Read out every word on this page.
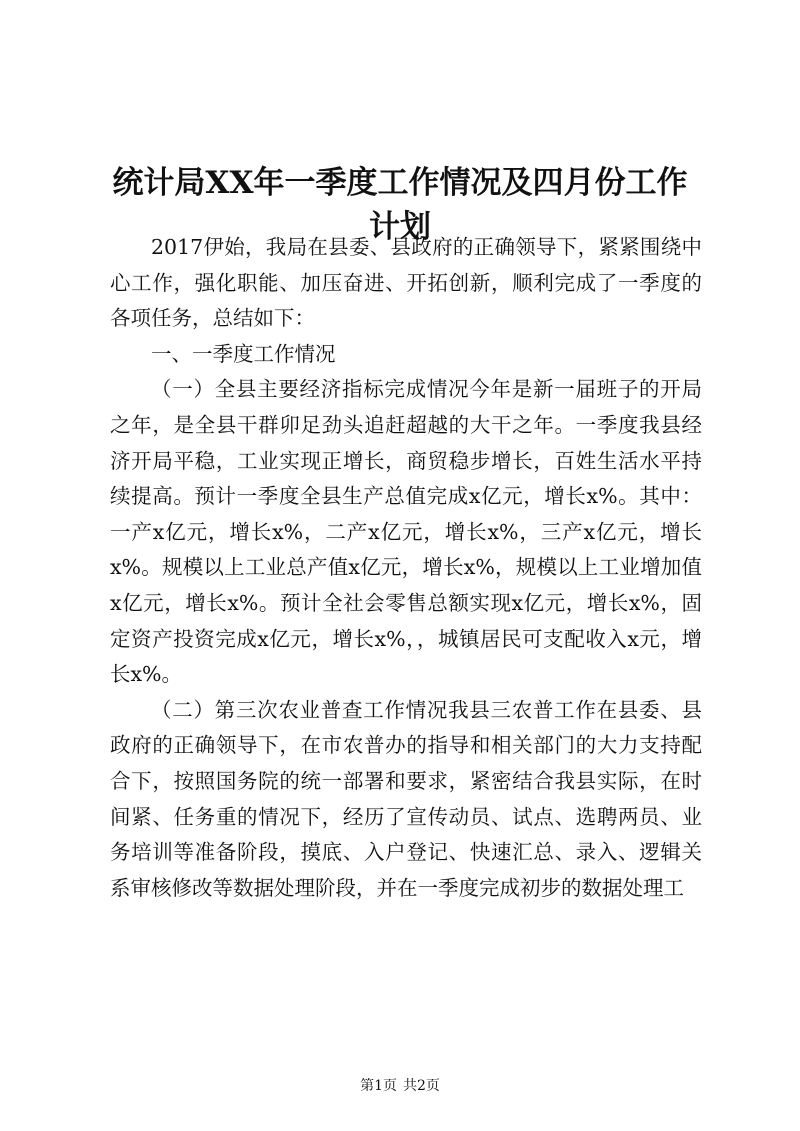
统计局XX年一季度工作情况及四月份工作计划

2017伊始，我局在县委、县政府的正确领导下，紧紧围绕中心工作，强化职能、加压奋进、开拓创新，顺利完成了一季度的各项任务，总结如下：

一、一季度工作情况

（一）全县主要经济指标完成情况今年是新一届班子的开局之年，是全县干群卯足劲头追赶超越的大干之年。一季度我县经济开局平稳，工业实现正增长，商贸稳步增长，百姓生活水平持续提高。预计一季度全县生产总值完成x亿元，增长x%。其中：一产x亿元，增长x%，二产x亿元，增长x%，三产x亿元，增长x%。规模以上工业总产值x亿元，增长x%，规模以上工业增加值x亿元，增长x%。预计全社会零售总额实现x亿元，增长x%，固定资产投资完成x亿元，增长x%，，城镇居民可支配收入x元，增长x%。

（二）第三次农业普查工作情况我县三农普工作在县委、县政府的正确领导下，在市农普办的指导和相关部门的大力支持配合下，按照国务院的统一部署和要求，紧密结合我县实际，在时间紧、任务重的情况下，经历了宣传动员、试点、选聘两员、业务培训等准备阶段，摸底、入户登记、快速汇总、录入、逻辑关系审核修改等数据处理阶段，并在一季度完成初步的数据处理工

第1页 共2页
